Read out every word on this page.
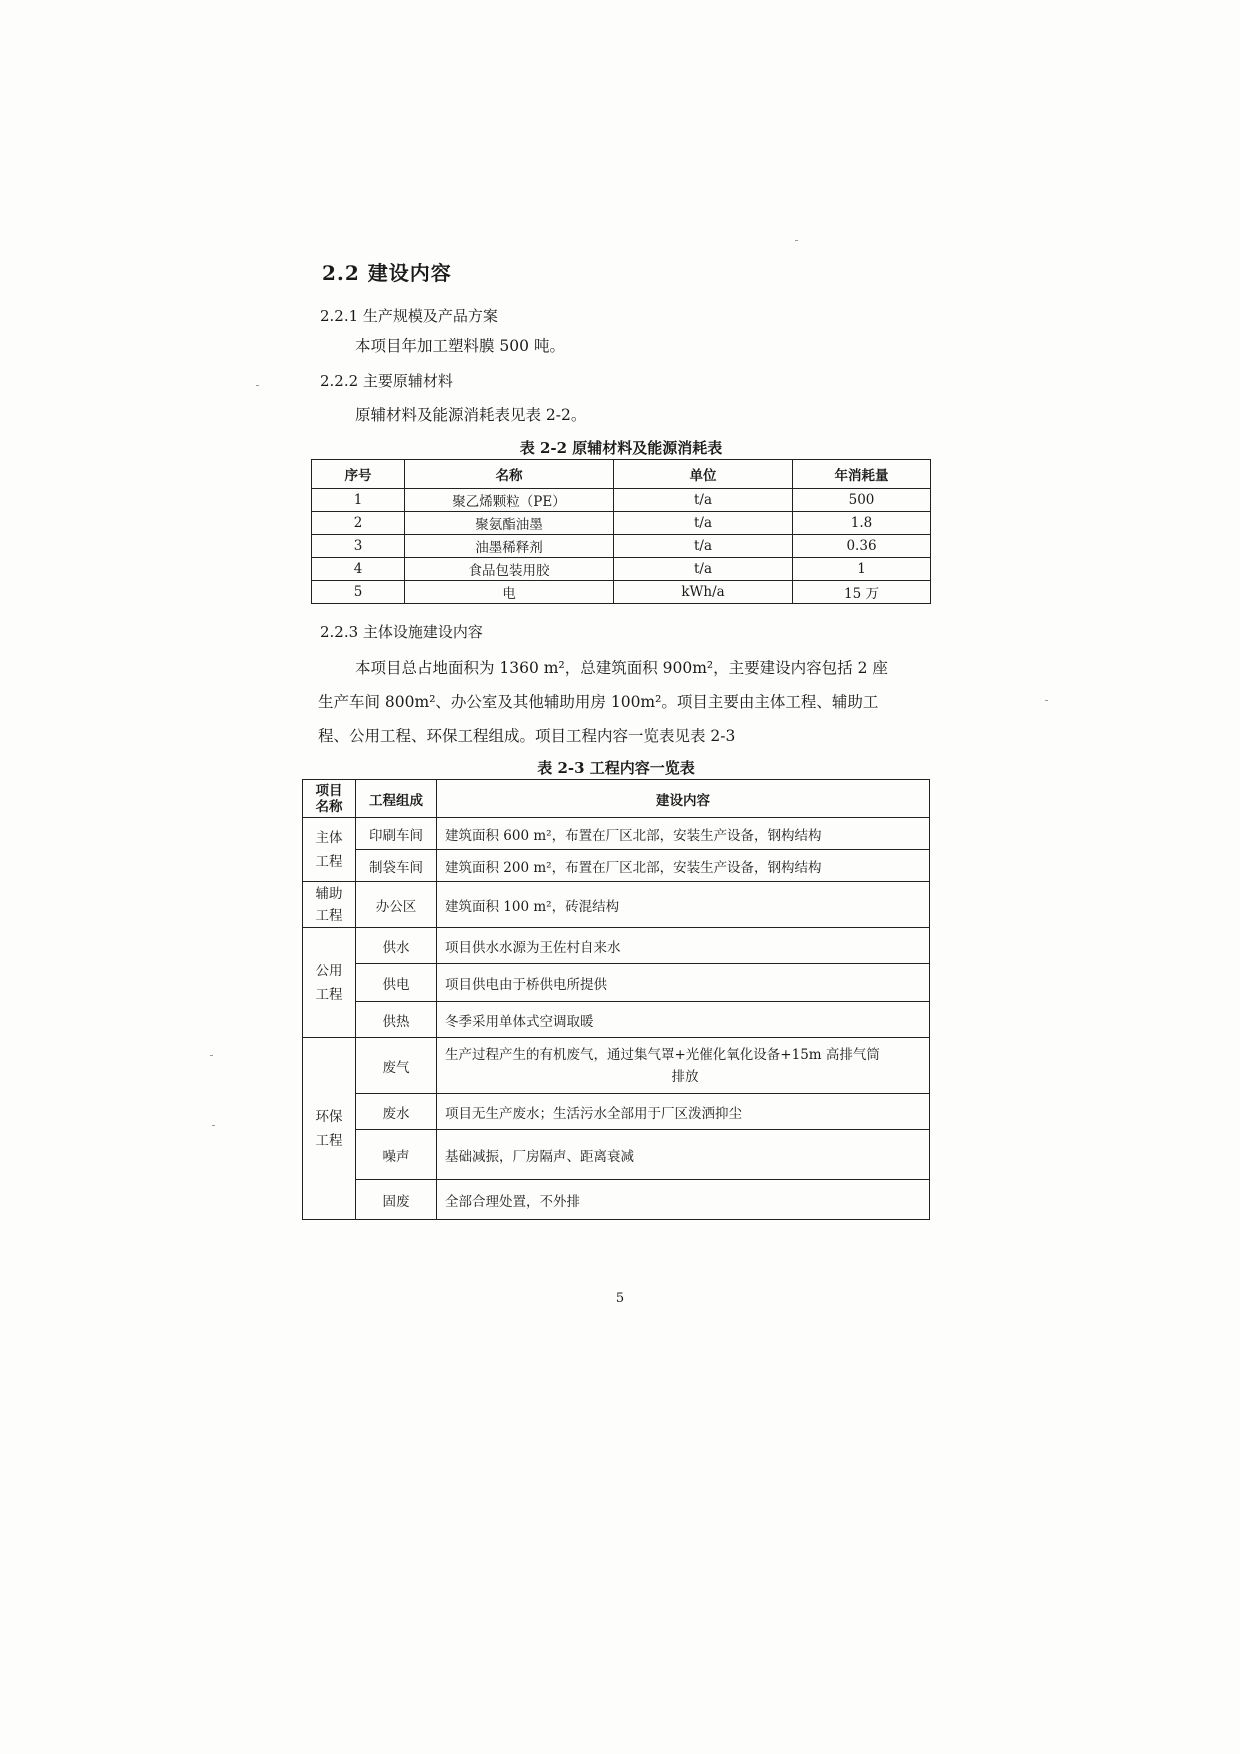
2.2 建设内容
2.2.1 生产规模及产品方案
本项目年加工塑料膜 500 吨。
2.2.2 主要原辅材料
原辅材料及能源消耗表见表 2-2。
表 2-2 原辅材料及能源消耗表
序号	名称	单位	年消耗量
1	聚乙烯颗粒（PE）	t/a	500
2	聚氨酯油墨	t/a	1.8
3	油墨稀释剂	t/a	0.36
4	食品包装用胶	t/a	1
5	电	kWh/a	15 万
2.2.3 主体设施建设内容
本项目总占地面积为 1360 m²，总建筑面积 900m²，主要建设内容包括 2 座
生产车间 800m²、办公室及其他辅助用房 100m²。项目主要由主体工程、辅助工
程、公用工程、环保工程组成。项目工程内容一览表见表 2-3
表 2-3 工程内容一览表
项目
名称	工程组成	建设内容
主体
工程	印刷车间	建筑面积 600 m²，布置在厂区北部，安装生产设备，钢构结构
	制袋车间	建筑面积 200 m²，布置在厂区北部，安装生产设备，钢构结构
辅助
工程	办公区	建筑面积 100 m²，砖混结构
公用
工程	供水	项目供水水源为王佐村自来水
	供电	项目供电由于桥供电所提供
	供热	冬季采用单体式空调取暖
环保
工程	废气	生产过程产生的有机废气，通过集气罩+光催化氧化设备+15m 高排气筒

排放

	废水	项目无生产废水；生活污水全部用于厂区泼洒抑尘
	噪声	基础减振，厂房隔声、距离衰减
	固废	全部合理处置，不外排
5
